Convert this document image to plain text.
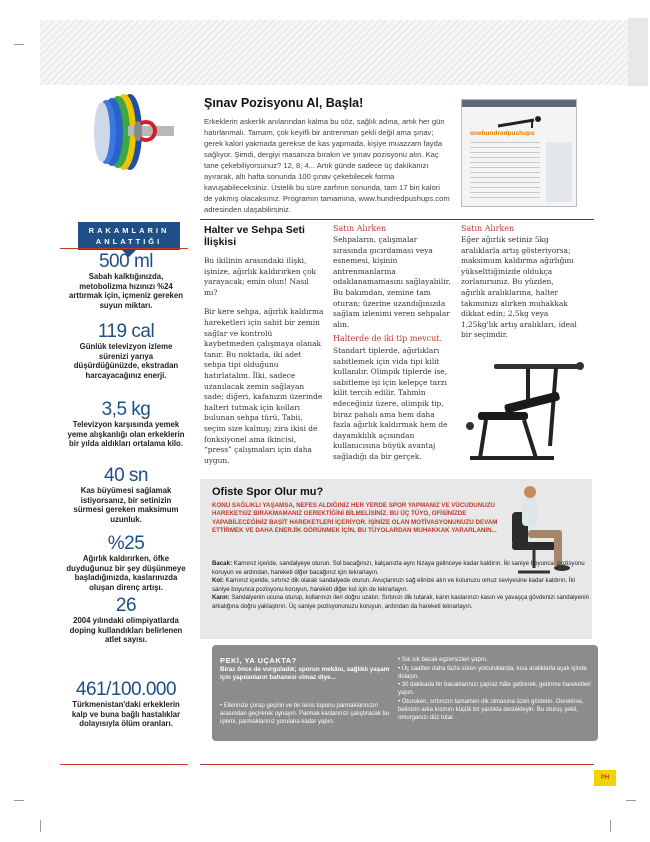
Şınav Pozisyonu Al, Başla!

Erkeklerin askerlik anılarından kalma bu söz, sağlık adına, artık her gün hatırlanmalı. Tamam, çok keyifli bir antrenman şekli değil ama şınav; gerek kalori yakmada gerekse de kas yapmada, kişiye muazzam fayda sağlıyor. Şimdi, dergiyi masanıza bırakın ve şınav pozisyonu alın. Kaç tane çekebiliyorsunuz? 12, 8, 4... Artık günde sadece üç dakikanızı ayırarak, altı hafta sonunda 100 şınav çekebilecek forma kavuşabileceksiniz. Üstelik bu süre zarfının sonunda, tam 17 bin kalori de yakmış olacaksınız. Programın tamamına, www.hundredpushups.com adresinden ulaşabilirsiniz.

onehundredpushups
RAKAMLARIN ANLATTIĞI
500 ml
Sabah kalktığınızda, metobolizma hızınızı %24 arttırmak için, içmeniz gereken suyun miktarı.
119 cal
Günlük televizyon izleme sürenizi yarıya düşürdüğünüzde, ekstradan harcayacağınız enerji.
3,5 kg
Televizyon karşısında yemek yeme alışkanlığı olan erkeklerin bir yılda aldıkları ortalama kilo.
40 sn
Kas büyümesi sağlamak istiyorsanız, bir setinizin sürmesi gereken maksimum uzunluk.
%25
Ağırlık kaldırırken, öfke duyduğunuz bir şey düşünmeye başladığınızda, kaslarınızda oluşan direnç artışı.
26
2004 yılındaki olimpiyatlarda doping kullandıkları belirlenen atlet sayısı.
461/100.000
Türkmenistan'daki erkeklerin kalp ve buna bağlı hastalıklar dolayısıyla ölüm oranları.
Halter ve Sehpa Seti İlişkisi

Bu ikilinin arasındaki ilişki, işinize, ağırlık kaldırırken çok yarayacak; emin olun! Nasıl mı?

Bir kere sehpa, ağırlık kaldırma hareketleri için sabit bir zemin sağlar ve kontrolü kaybetmeden çalışmaya olanak tanır. Bu noktada, iki adet sehpa tipi olduğunu hatırlatalım. İlki, sadece uzanılacak zemin sağlayan sade; diğeri, kafanızın üzerinde halteri tutmak için kolları bulunan sehpa türü. Tabii, seçim size kalmış; zira ikisi de fonksiyonel ama ikincisi, “press” çalışmaları için daha uygun.

Satın Alırken
Sehpaların, çalışmalar sırasında gıcırdaması veya esnemesi, kişinin antrenmanlarına odaklanamamasını sağlayabilir. Bu bakımdan, zemine tam oturan; üzerine uzandığınızda sağlam izlenimi veren sehpalar alın.
Halterde de iki tip mevcut.
Standart tiplerde, ağırlıkları sabitlemek için vida tipi kilit kullanılır. Olimpik tiplerde ise, sabitleme işi için kelepçe tarzı kilit tercih edilir. Tahmin edeceğiniz üzere, olimpik tip, biraz pahalı ama hem daha fazla ağırlık kaldırmak hem de dayanıklılık açısından kullanıcısına büyük avantaj sağladığı da bir gerçek.
Satın Alırken
Eğer ağırlık setiniz 5kg aralıklarla artış gösteriyorsa; maksimum kaldırma ağırlığını yükselttiğinizde oldukça zorlanırsınız. Bu yüzden, ağırlık aralıklarına, halter takımınızı alırken muhakkak dikkat edin; 2,5kg veya 1,25kg'lık artış aralıkları, ideal bir seçimdir.
Ofiste Spor Olur mu?
KONU SAĞLIKLI YAŞAMSA, NEFES ALDIĞINIZ HER YERDE SPOR YAPMANIZ VE VÜCUDUNUZU HAREKETSİZ BIRAKMAMANIZ GEREKTİĞİNİ BİLMELİSİNİZ. BU ÜÇ TÜYO, OFİSİNİZDE YAPABİLECEĞİNİZ BASİT HAREKETLERİ İÇERİYOR. İŞİNİZE OLAN MOTİVASYONUNUZU DEVAM ETTİRMEK VE DAHA ENERJİK GÖRÜNMEK İÇİN, BU TÜYOLARDAN MUHAKKAK YARARLANIN...

Bacak: Karnınız içeride, sandalyeye oturun. Sol bacağınızı, kalçanızla aynı hizaya gelinceye kadar kaldırın. İki saniye boyunca, pozisyonu koruyun ve ardından, hareketi diğer bacağınız için tekrarlayın.

Kol: Karnınız içeride, sırtınız dik olarak sandalyede oturun. Avuçlarınızı sağ elinize alın ve kolunuzu omuz seviyesine kadar kaldırın. İki saniye boyunca pozisyonu koruyun, hareketi diğer kol için de tekrarlayın.

Karın: Sandalyenin ucuna oturup, kollarınızı ileri doğru uzatın. Sırtınızı dik tutarak, karın kaslarınızı kasın ve yavaşça gövdenizi sandalyenin arkalığına doğru yaklaştırın. Üç saniye pozisyonunuzu koruyun, ardından da hareketi tekrarlayın.

PEKİ, YA UÇAKTA?
Biraz önce de vurguladık; sporun mekânı, sağlıklı yaşam için yapılanların bahanesi olmaz diye...
• Ellerinize çorap geçirin ve bir tenis topunu parmaklarınızın arasından geçirerek oynayın. Parmak kaslarınızı çalıştıracak bu işlemi, parmaklarınız yorulana kadar yapın.
• Sık sık bacak egzersizleri yapın.
• Üç saatten daha fazla süren yolculuklarda, kısa aralıklarla uçak içinde dolaşın.
• 30 dakikada bir bacaklarınızı çapraz hâle getirerek, gerinme hareketleri yapın.
• Oturuken, sırtınızın tamamen dik olmasına özen gösterin. Gerekirse, belinizin arka kısmını küçük bir yastıkla destekleyin. Bu oturuş şekli, omurganızı düz tutar.
PH
